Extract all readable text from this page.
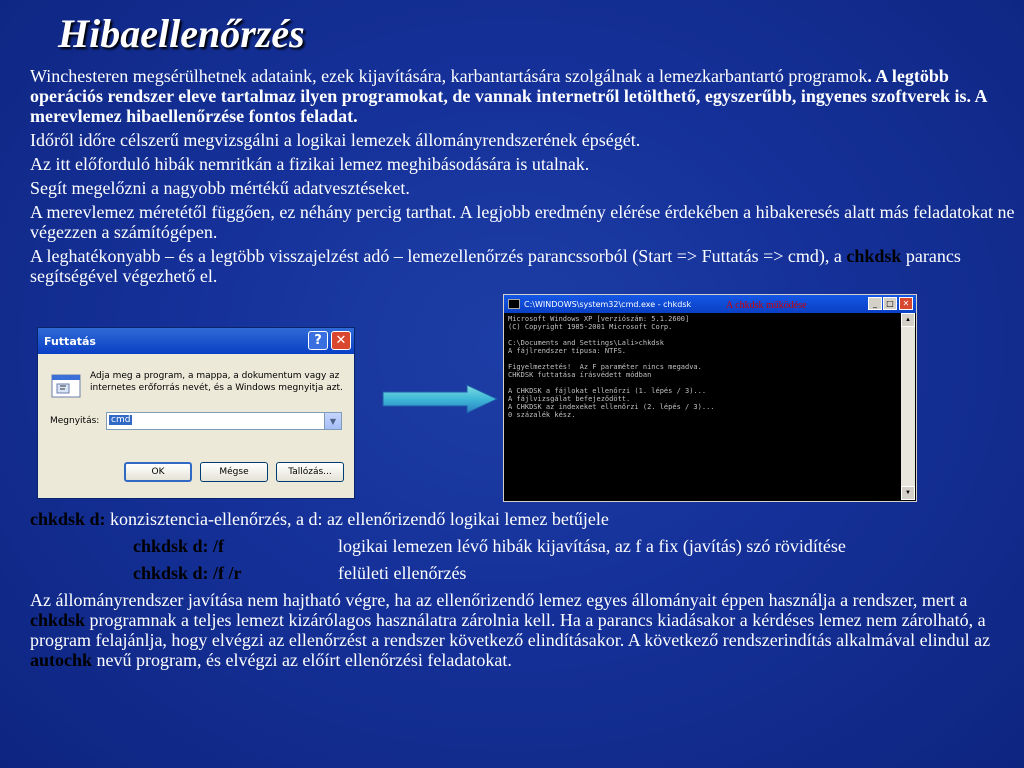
Hibaellenőrzés

Winchesteren megsérülhetnek adataink, ezek kijavítására, karbantartására szolgálnak a lemezkarbantartó programok. A legtöbb operációs rendszer eleve tartalmaz ilyen programokat, de vannak internetről letölthető, egyszerűbb, ingyenes szoftverek is. A merevlemez hibaellenőrzése fontos feladat.

Időről időre célszerű megvizsgálni a logikai lemezek állományrendszerének épségét.

Az itt előforduló hibák nemritkán a fizikai lemez meghibásodására is utalnak.

Segít megelőzni a nagyobb mértékű adatvesztéseket.

A merevlemez méretétől függően, ez néhány percig tarthat. A legjobb eredmény elérése érdekében a hibakeresés alatt más feladatokat ne végezzen a számítógépen.

A leghatékonyabb – és a legtöbb visszajelzést adó – lemezellenőrzés parancssorból (Start => Futtatás => cmd), a chkdsk parancs segítségével végezhető el.

Futtatás	?	✕
Adja meg a program, a mappa, a dokumentum vagy az internetes erőforrás nevét, és a Windows megnyitja azt.
Megnyitás: cmd	▼
OK	Mégse	Tallózás...
C:\WINDOWS\system32\cmd.exe - chkdsk	_	□	✕
A chkdsk működése
Microsoft Windows XP [verziószám: 5.1.2600]
(C) Copyright 1985-2001 Microsoft Corp.

C:\Documents and Settings\Lali>chkdsk
A fájlrendszer típusa: NTFS.

Figyelmeztetés!  Az F paraméter nincs megadva.
CHKDSK futtatása írásvédett módban

A CHKDSK a fájlokat ellenőrzi (1. lépés / 3)...
A fájlvizsgálat befejeződött.
A CHKDSK az indexeket ellenőrzi (2. lépés / 3)...
0 százalék kész.
▲
▼
chkdsk d: konzisztencia-ellenőrzés, a d: az ellenőrizendő logikai lemez betűjele
chkdsk d: /f	logikai lemezen lévő hibák kijavítása, az f a fix (javítás) szó rövidítése
chkdsk d: /f /r	felületi ellenőrzés
Az állományrendszer javítása nem hajtható végre, ha az ellenőrizendő lemez egyes állományait éppen használja a rendszer, mert a chkdsk programnak a teljes lemezt kizárólagos használatra zárolnia kell. Ha a parancs kiadásakor a kérdéses lemez nem zárolható, a program felajánlja, hogy elvégzi az ellenőrzést a rendszer következő elindításakor. A következő rendszerindítás alkalmával elindul az autochk nevű program, és elvégzi az előírt ellenőrzési feladatokat.
